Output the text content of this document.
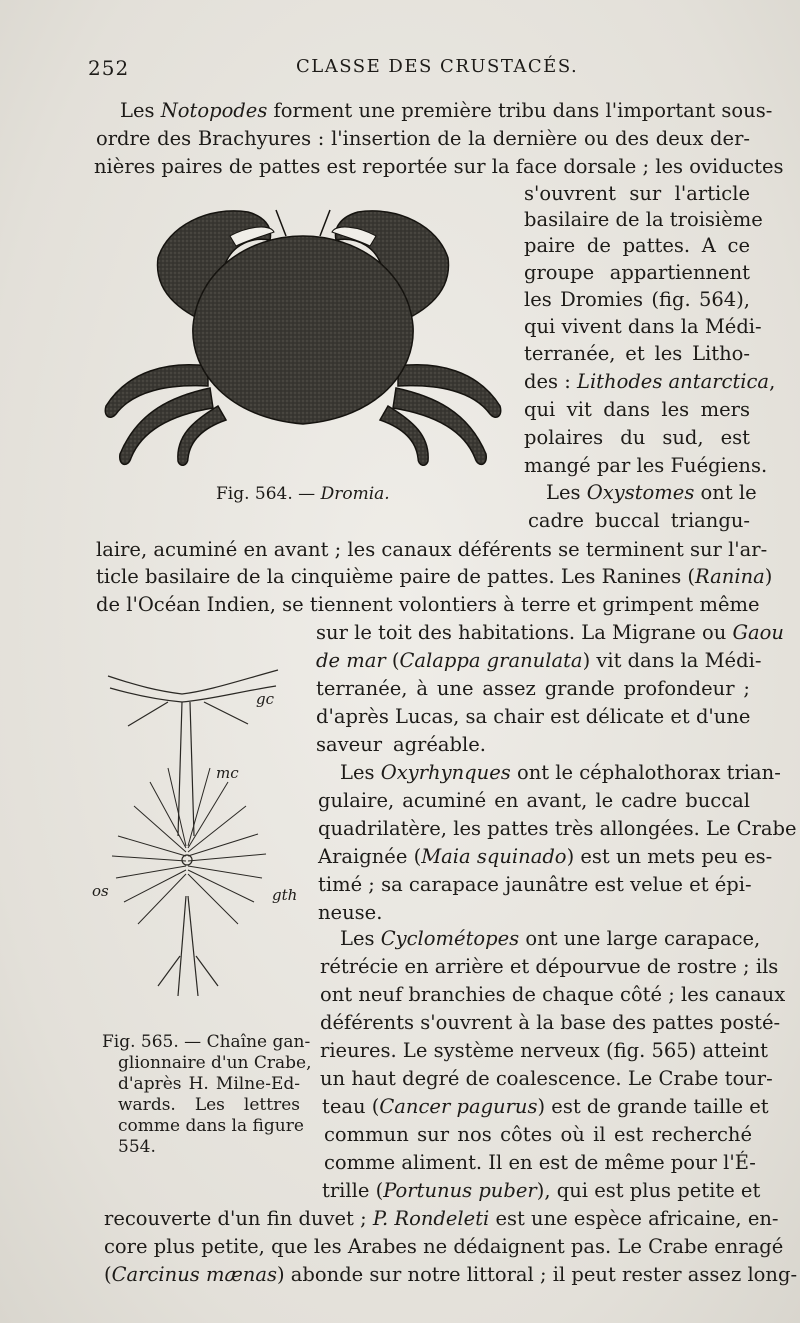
252	CLASSE DES CRUSTACÉS.
Fig. 564. — Dromia.
gc
mc
os	gth
Fig. 565. — Chaîne gan-
glionnaire d'un Crabe,
d'après H. Milne-Ed-
wards. Les lettres
comme dans la figure
554.
Les Notopodes forment une première tribu dans l'important sous-
ordre des Brachyures : l'insertion de la dernière ou des deux der-
nières paires de pattes est reportée sur la face dorsale ; les oviductes
s'ouvrent sur l'article
basilaire de la troisième
paire de pattes. A ce
groupe appartiennent
les Dromies (fig. 564),
qui vivent dans la Médi-
terranée, et les Litho-
des : Lithodes antarctica,
qui vit dans les mers
polaires du sud, est
mangé par les Fuégiens.
Les Oxystomes ont le
cadre buccal triangu-
laire, acuminé en avant ; les canaux déférents se terminent sur l'ar-
ticle basilaire de la cinquième paire de pattes. Les Ranines (Ranina)
de l'Océan Indien, se tiennent volontiers à terre et grimpent même
sur le toit des habitations. La Migrane ou Gaou
de mar (Calappa granulata) vit dans la Médi-
terranée, à une assez grande profondeur ;
d'après Lucas, sa chair est délicate et d'une
saveur agréable.
Les Oxyrhynques ont le céphalothorax trian-
gulaire, acuminé en avant, le cadre buccal
quadrilatère, les pattes très allongées. Le Crabe
Araignée (Maia squinado) est un mets peu es-
timé ; sa carapace jaunâtre est velue et épi-
neuse.
Les Cyclométopes ont une large carapace,
rétrécie en arrière et dépourvue de rostre ; ils
ont neuf branchies de chaque côté ; les canaux
déférents s'ouvrent à la base des pattes posté-
rieures. Le système nerveux (fig. 565) atteint
un haut degré de coalescence. Le Crabe tour-
teau (Cancer pagurus) est de grande taille et
commun sur nos côtes où il est recherché
comme aliment. Il en est de même pour l'É-
trille (Portunus puber), qui est plus petite et
recouverte d'un fin duvet ; P. Rondeleti est une espèce africaine, en-
core plus petite, que les Arabes ne dédaignent pas. Le Crabe enragé
(Carcinus mænas) abonde sur notre littoral ; il peut rester assez long-
